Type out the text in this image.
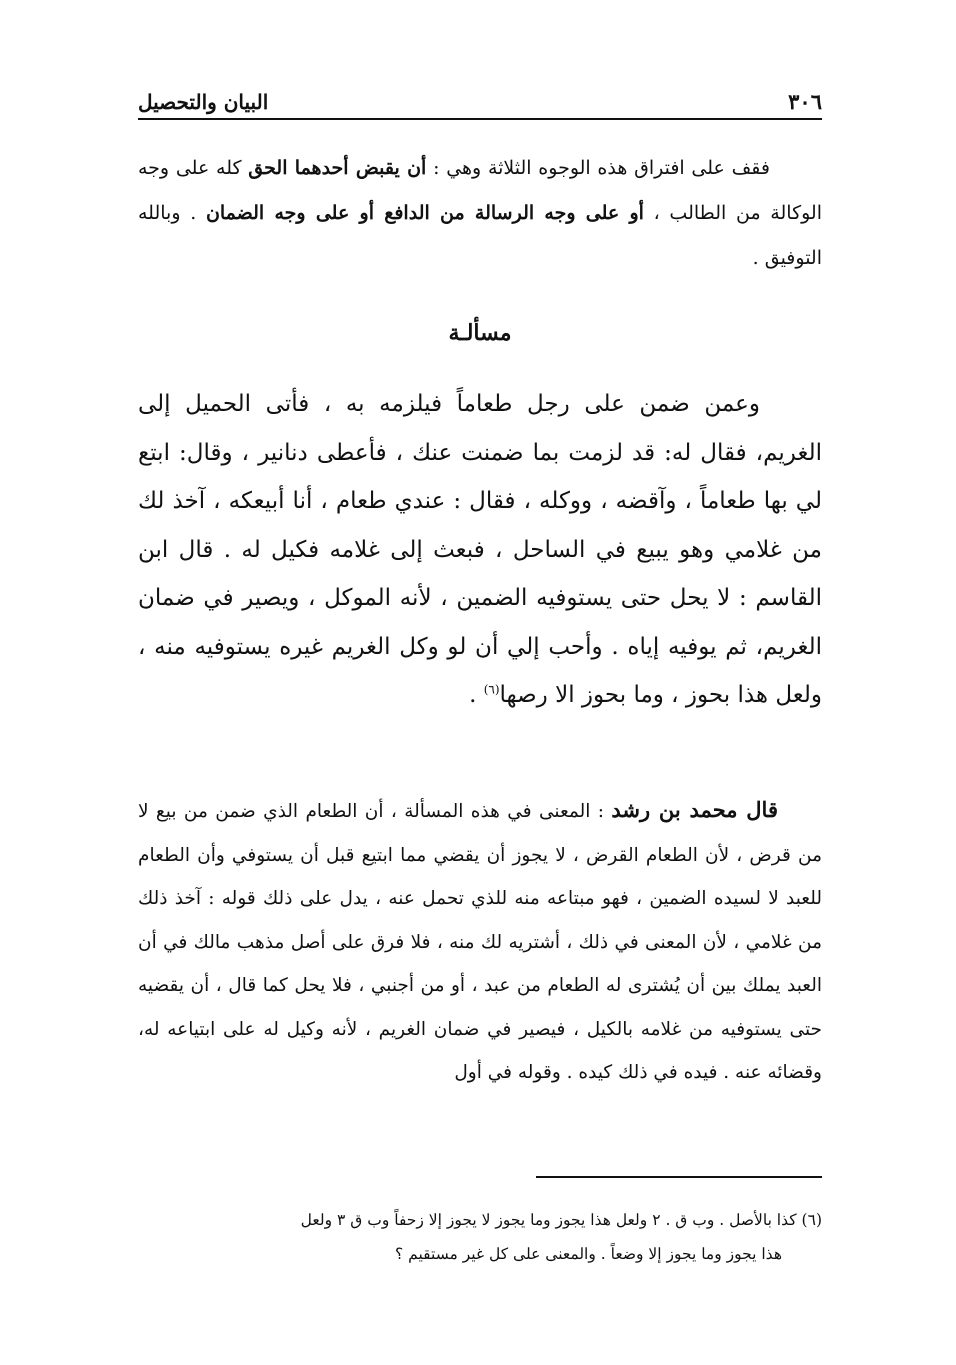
٣٠٦
البيان والتحصيل
فقف على افتراق هذه الوجوه الثلاثة وهي : أن يقبض أحدهما الحق كله على وجه الوكالة من الطالب ، أو على وجه الرسالة من الدافع أو على وجه الضمان . وبالله التوفيق .
مسألـة
وعمن ضمن على رجل طعاماً فيلزمه به ، فأتى الحميل إلى الغريم، فقال له: قد لزمت بما ضمنت عنك ، فأعطى دنانير ، وقال: ابتع لي بها طعاماً ، وآقضه ، ووكله ، فقال : عندي طعام ، أنا أبيعكه ، آخذ لك من غلامي وهو يبيع في الساحل ، فبعث إلى غلامه فكيل له . قال ابن القاسم : لا يحل حتى يستوفيه الضمين ، لأنه الموكل ، ويصير في ضمان الغريم، ثم يوفيه إياه . وأحب إلي أن لو وكل الغريم غيره يستوفيه منه ، ولعل هذا بحوز ، وما بحوز الا رصها$^{(٦)}$ .
قال محمد بن رشد : المعنى في هذه المسألة ، أن الطعام الذي ضمن من بيع لا من قرض ، لأن الطعام القرض ، لا يجوز أن يقضي مما ابتيع قبل أن يستوفي وأن الطعام للعبد لا لسيده الضمين ، فهو مبتاعه منه للذي تحمل عنه ، يدل على ذلك قوله : آخذ ذلك من غلامي ، لأن المعنى في ذلك ، أشتريه لك منه ، فلا فرق على أصل مذهب مالك في أن العبد يملك بين أن يُشترى له الطعام من عبد ، أو من أجنبي ، فلا يحل كما قال ، أن يقضيه حتى يستوفيه من غلامه بالكيل ، فيصير في ضمان الغريم ، لأنه وكيل له على ابتياعه له، وقضائه عنه . فيده في ذلك كيده . وقوله في أول
(٦) كذا بالأصل . وب ق . ٢ ولعل هذا يجوز وما يجوز لا يجوز إلا زحفاً وب ق ٣ ولعل
هذا يجوز وما يجوز إلا وضعاً . والمعنى على كل غير مستقيم ؟
